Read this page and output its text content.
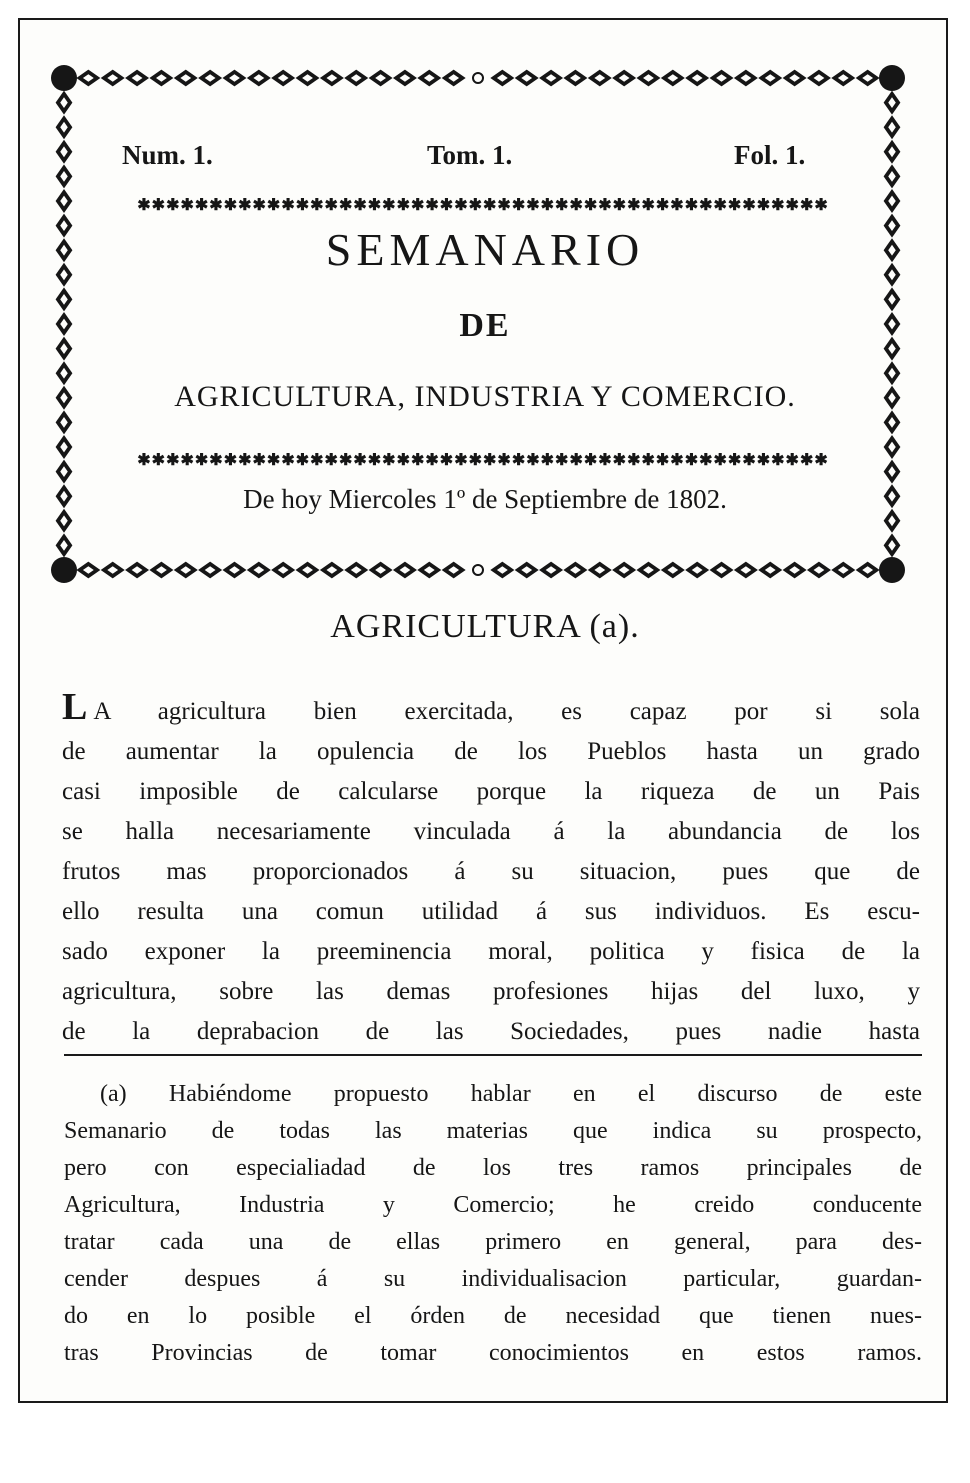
Num. 1.	Tom. 1.	Fol. 1.
✱✱✱✱✱✱✱✱✱✱✱✱✱✱✱✱✱✱✱✱✱✱✱✱✱✱✱✱✱✱✱✱✱✱✱✱✱✱✱✱✱✱✱✱✱✱✱✱
SEMANARIO
DE
AGRICULTURA, INDUSTRIA Y COMERCIO.
✱✱✱✱✱✱✱✱✱✱✱✱✱✱✱✱✱✱✱✱✱✱✱✱✱✱✱✱✱✱✱✱✱✱✱✱✱✱✱✱✱✱✱✱✱✱✱✱
De hoy Miercoles 1º de Septiembre de 1802.
AGRICULTURA (a).
L A agricultura bien exercitada, es capaz por si sola
de aumentar la opulencia de los Pueblos hasta un grado
casi imposible de calcularse porque la riqueza de un Pais
se halla necesariamente vinculada á la abundancia de los
frutos mas proporcionados á su situacion, pues que de
ello resulta una comun utilidad á sus individuos. Es escu-
sado exponer la preeminencia moral, politica y fisica de la
agricultura, sobre las demas profesiones hijas del luxo, y
de la deprabacion de las Sociedades, pues nadie hasta
(a) Habiéndome propuesto hablar en el discurso de este
Semanario de todas las materias que indica su prospecto,
pero con especialiadad de los tres ramos principales de
Agricultura, Industria y Comercio; he creido conducente
tratar cada una de ellas primero en general, para des-
cender despues á su individualisacion particular, guardan-
do en lo posible el órden de necesidad que tienen nues-
tras Provincias de tomar conocimientos en estos ramos.
